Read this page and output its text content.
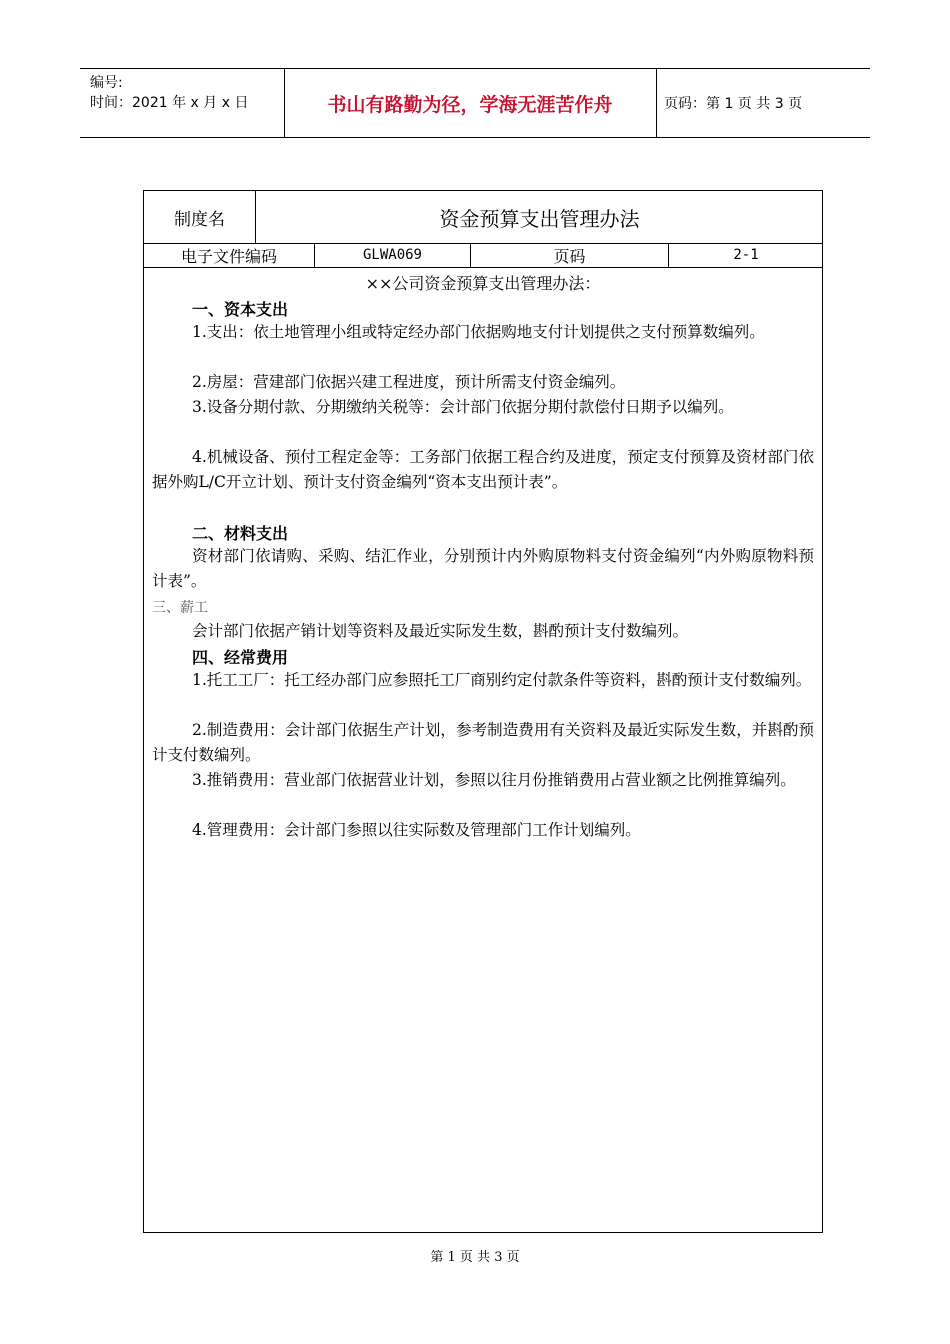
编号:
时间：2021 年 x 月 x 日	书山有路勤为径，学海无涯苦作舟	页码：第 1 页 共 3 页
制度名	资金预算支出管理办法
电子文件编码	GLWA069	页码	2-1
××公司资金预算支出管理办法：
一、资本支出
1.支出：依土地管理小组或特定经办部门依据购地支付计划提供之支付预算数编列。
2.房屋：营建部门依据兴建工程进度，预计所需支付资金编列。
3.设备分期付款、分期缴纳关税等：会计部门依据分期付款偿付日期予以编列。
4.机械设备、预付工程定金等：工务部门依据工程合约及进度，预定支付预算及资材部门依据外购L/C开立计划、预计支付资金编列“资本支出预计表”。
二、材料支出
资材部门依请购、采购、结汇作业，分别预计内外购原物料支付资金编列“内外购原物料预计表”。
三、薪工
会计部门依据产销计划等资料及最近实际发生数，斟酌预计支付数编列。
四、经常费用
1.托工工厂：托工经办部门应参照托工厂商别约定付款条件等资料，斟酌预计支付数编列。
2.制造费用：会计部门依据生产计划，参考制造费用有关资料及最近实际发生数，并斟酌预计支付数编列。
3.推销费用：营业部门依据营业计划，参照以往月份推销费用占营业额之比例推算编列。
4.管理费用：会计部门参照以往实际数及管理部门工作计划编列。
第 1 页 共 3 页
